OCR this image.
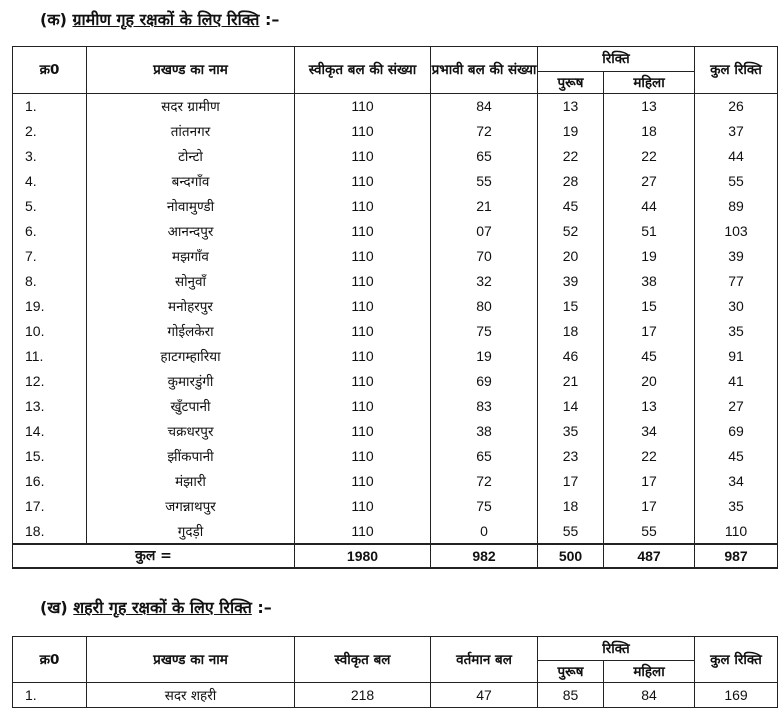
(क) ग्रामीण गृह रक्षकों के लिए रिक्ति :–
क्र0	प्रखण्ड का नाम	स्वीकृत बल की संख्या	प्रभावी बल की संख्या	रिक्ति		कुल रिक्ति
				पुरूष	महिला	
1.	सदर ग्रामीण	110	84	13	13	26
2.	तांतनगर	110	72	19	18	37
3.	टोन्टो	110	65	22	22	44
4.	बन्दगाँव	110	55	28	27	55
5.	नोवामुण्डी	110	21	45	44	89
6.	आनन्दपुर	110	07	52	51	103
7.	मझगाँव	110	70	20	19	39
8.	सोनुवाँ	110	32	39	38	77
19.	मनोहरपुर	110	80	15	15	30
10.	गोईलकेरा	110	75	18	17	35
11.	हाटगम्हारिया	110	19	46	45	91
12.	कुमारडुंगी	110	69	21	20	41
13.	खुँटपानी	110	83	14	13	27
14.	चक्रधरपुर	110	38	35	34	69
15.	झींकपानी	110	65	23	22	45
16.	मंझारी	110	72	17	17	34
17.	जगन्नाथपुर	110	75	18	17	35
18.	गुदड़ी	110	0	55	55	110
कुल =		1980	982	500	487	987
(ख) शहरी गृह रक्षकों के लिए रिक्ति :–
क्र0	प्रखण्ड का नाम	स्वीकृत बल	वर्तमान बल	रिक्ति		कुल रिक्ति
				पुरूष	महिला	
1.	सदर शहरी	218	47	85	84	169
